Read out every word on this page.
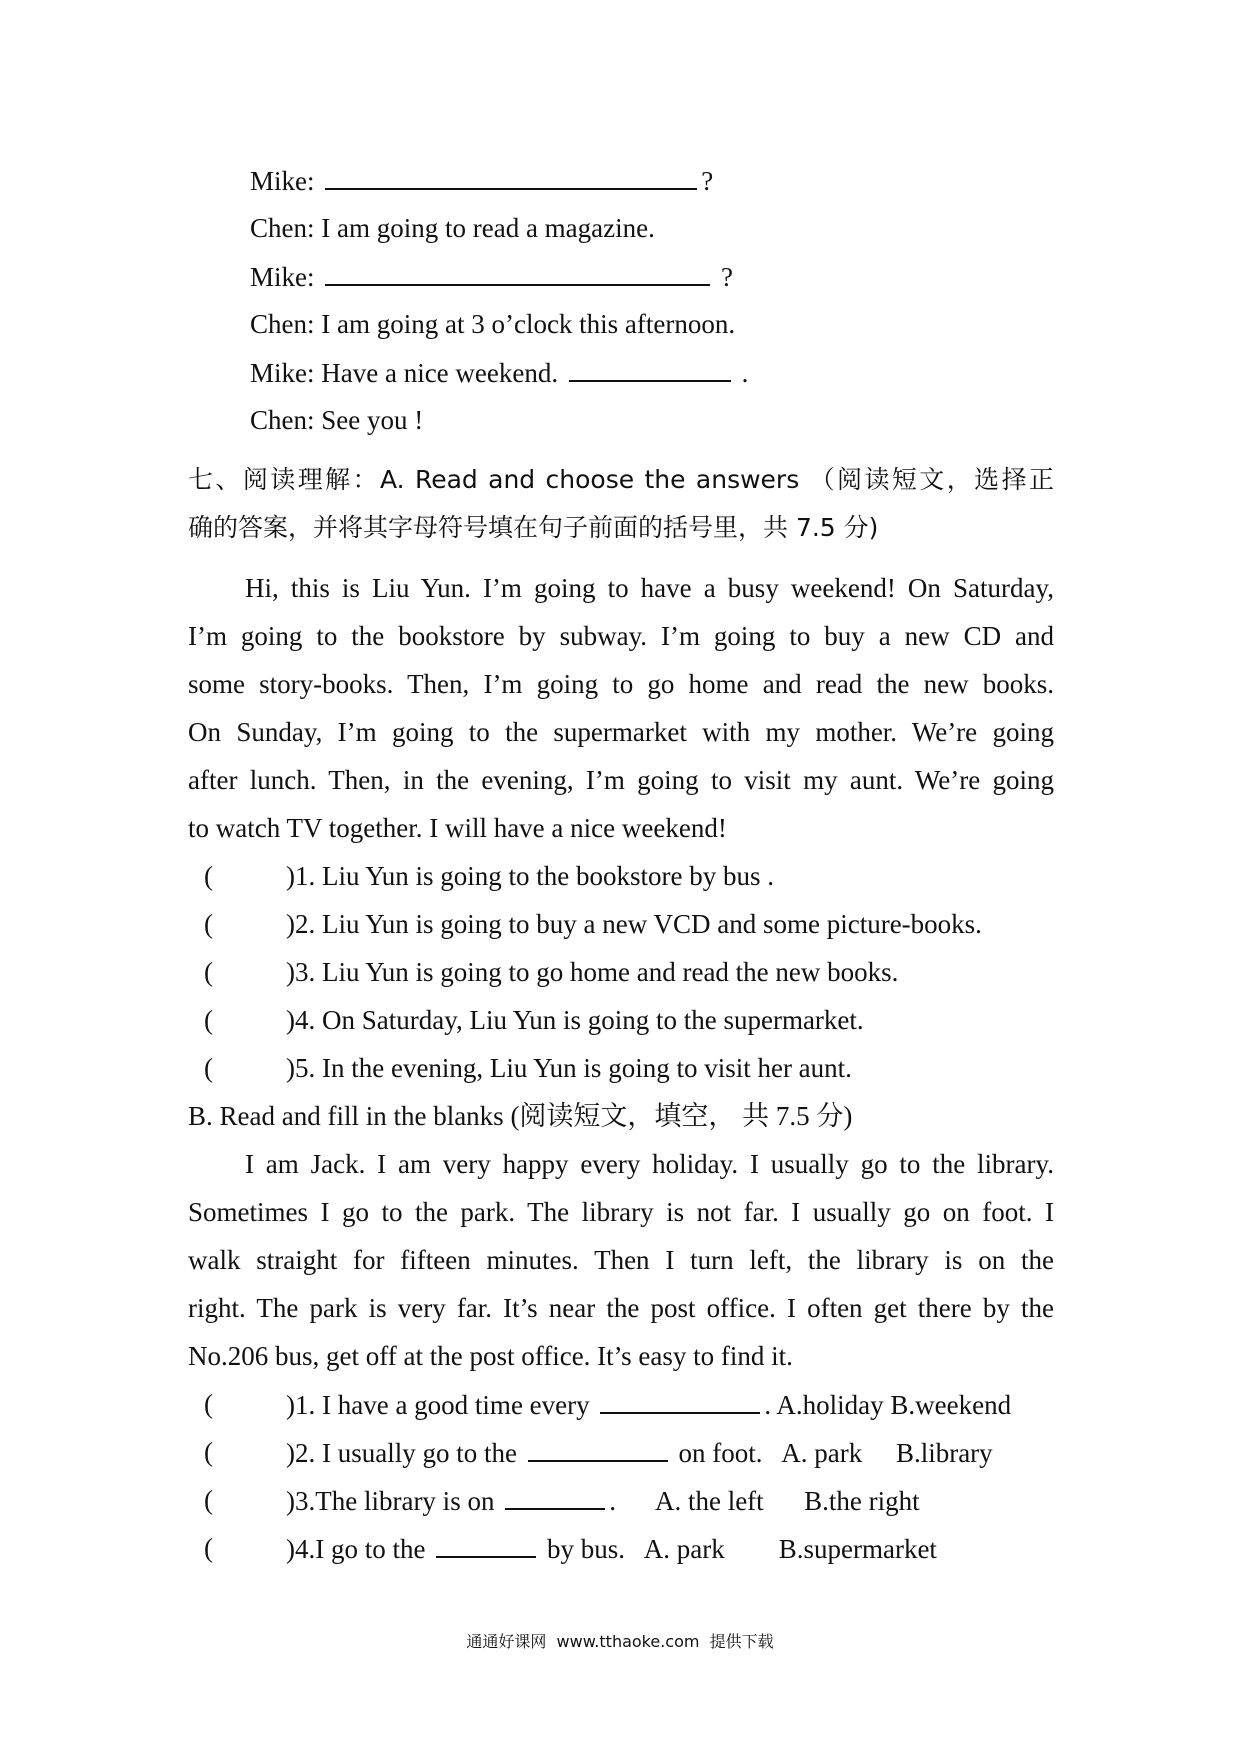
Mike:	?
Chen: I am going to read a magazine.
Mike:	?
Chen: I am going at 3 o’clock this afternoon.
Mike: Have a nice weekend.	.
Chen: See you !
七、阅读理解：A. Read and choose the answers （阅读短文，选择正
确的答案，并将其字母符号填在句子前面的括号里，共 7.5 分)
Hi, this is Liu Yun. I’m going to have a busy weekend! On Saturday,
I’m going to the bookstore by subway. I’m going to buy a new CD and
some story-books. Then, I’m going to go home and read the new books.
On Sunday, I’m going to the supermarket with my mother. We’re going
after lunch. Then, in the evening, I’m going to visit my aunt. We’re going
to watch TV together. I will have a nice weekend!
(	)1. Liu Yun is going to the bookstore by bus .
(	)2. Liu Yun is going to buy a new VCD and some picture-books.
(	)3. Liu Yun is going to go home and read the new books.
(	)4. On Saturday, Liu Yun is going to the supermarket.
(	)5. In the evening, Liu Yun is going to visit her aunt.
B. Read and fill in the blanks (阅读短文，填空， 共 7.5 分)
I am Jack. I am very happy every holiday. I usually go to the library.
Sometimes I go to the park. The library is not far. I usually go on foot. I
walk straight for fifteen minutes. Then I turn left, the library is on the
right. The park is very far. It’s near the post office. I often get there by the
No.206 bus, get off at the post office. It’s easy to find it.
(	)1. I have a good time every	. A.holiday B.weekend
(	)2. I usually go to the	on foot.   A. park     B.library
(	)3.The library is on	.      A. the left      B.the right
(	)4.I go to the	by bus.   A. park        B.supermarket
通通好课网  www.tthaoke.com  提供下载
